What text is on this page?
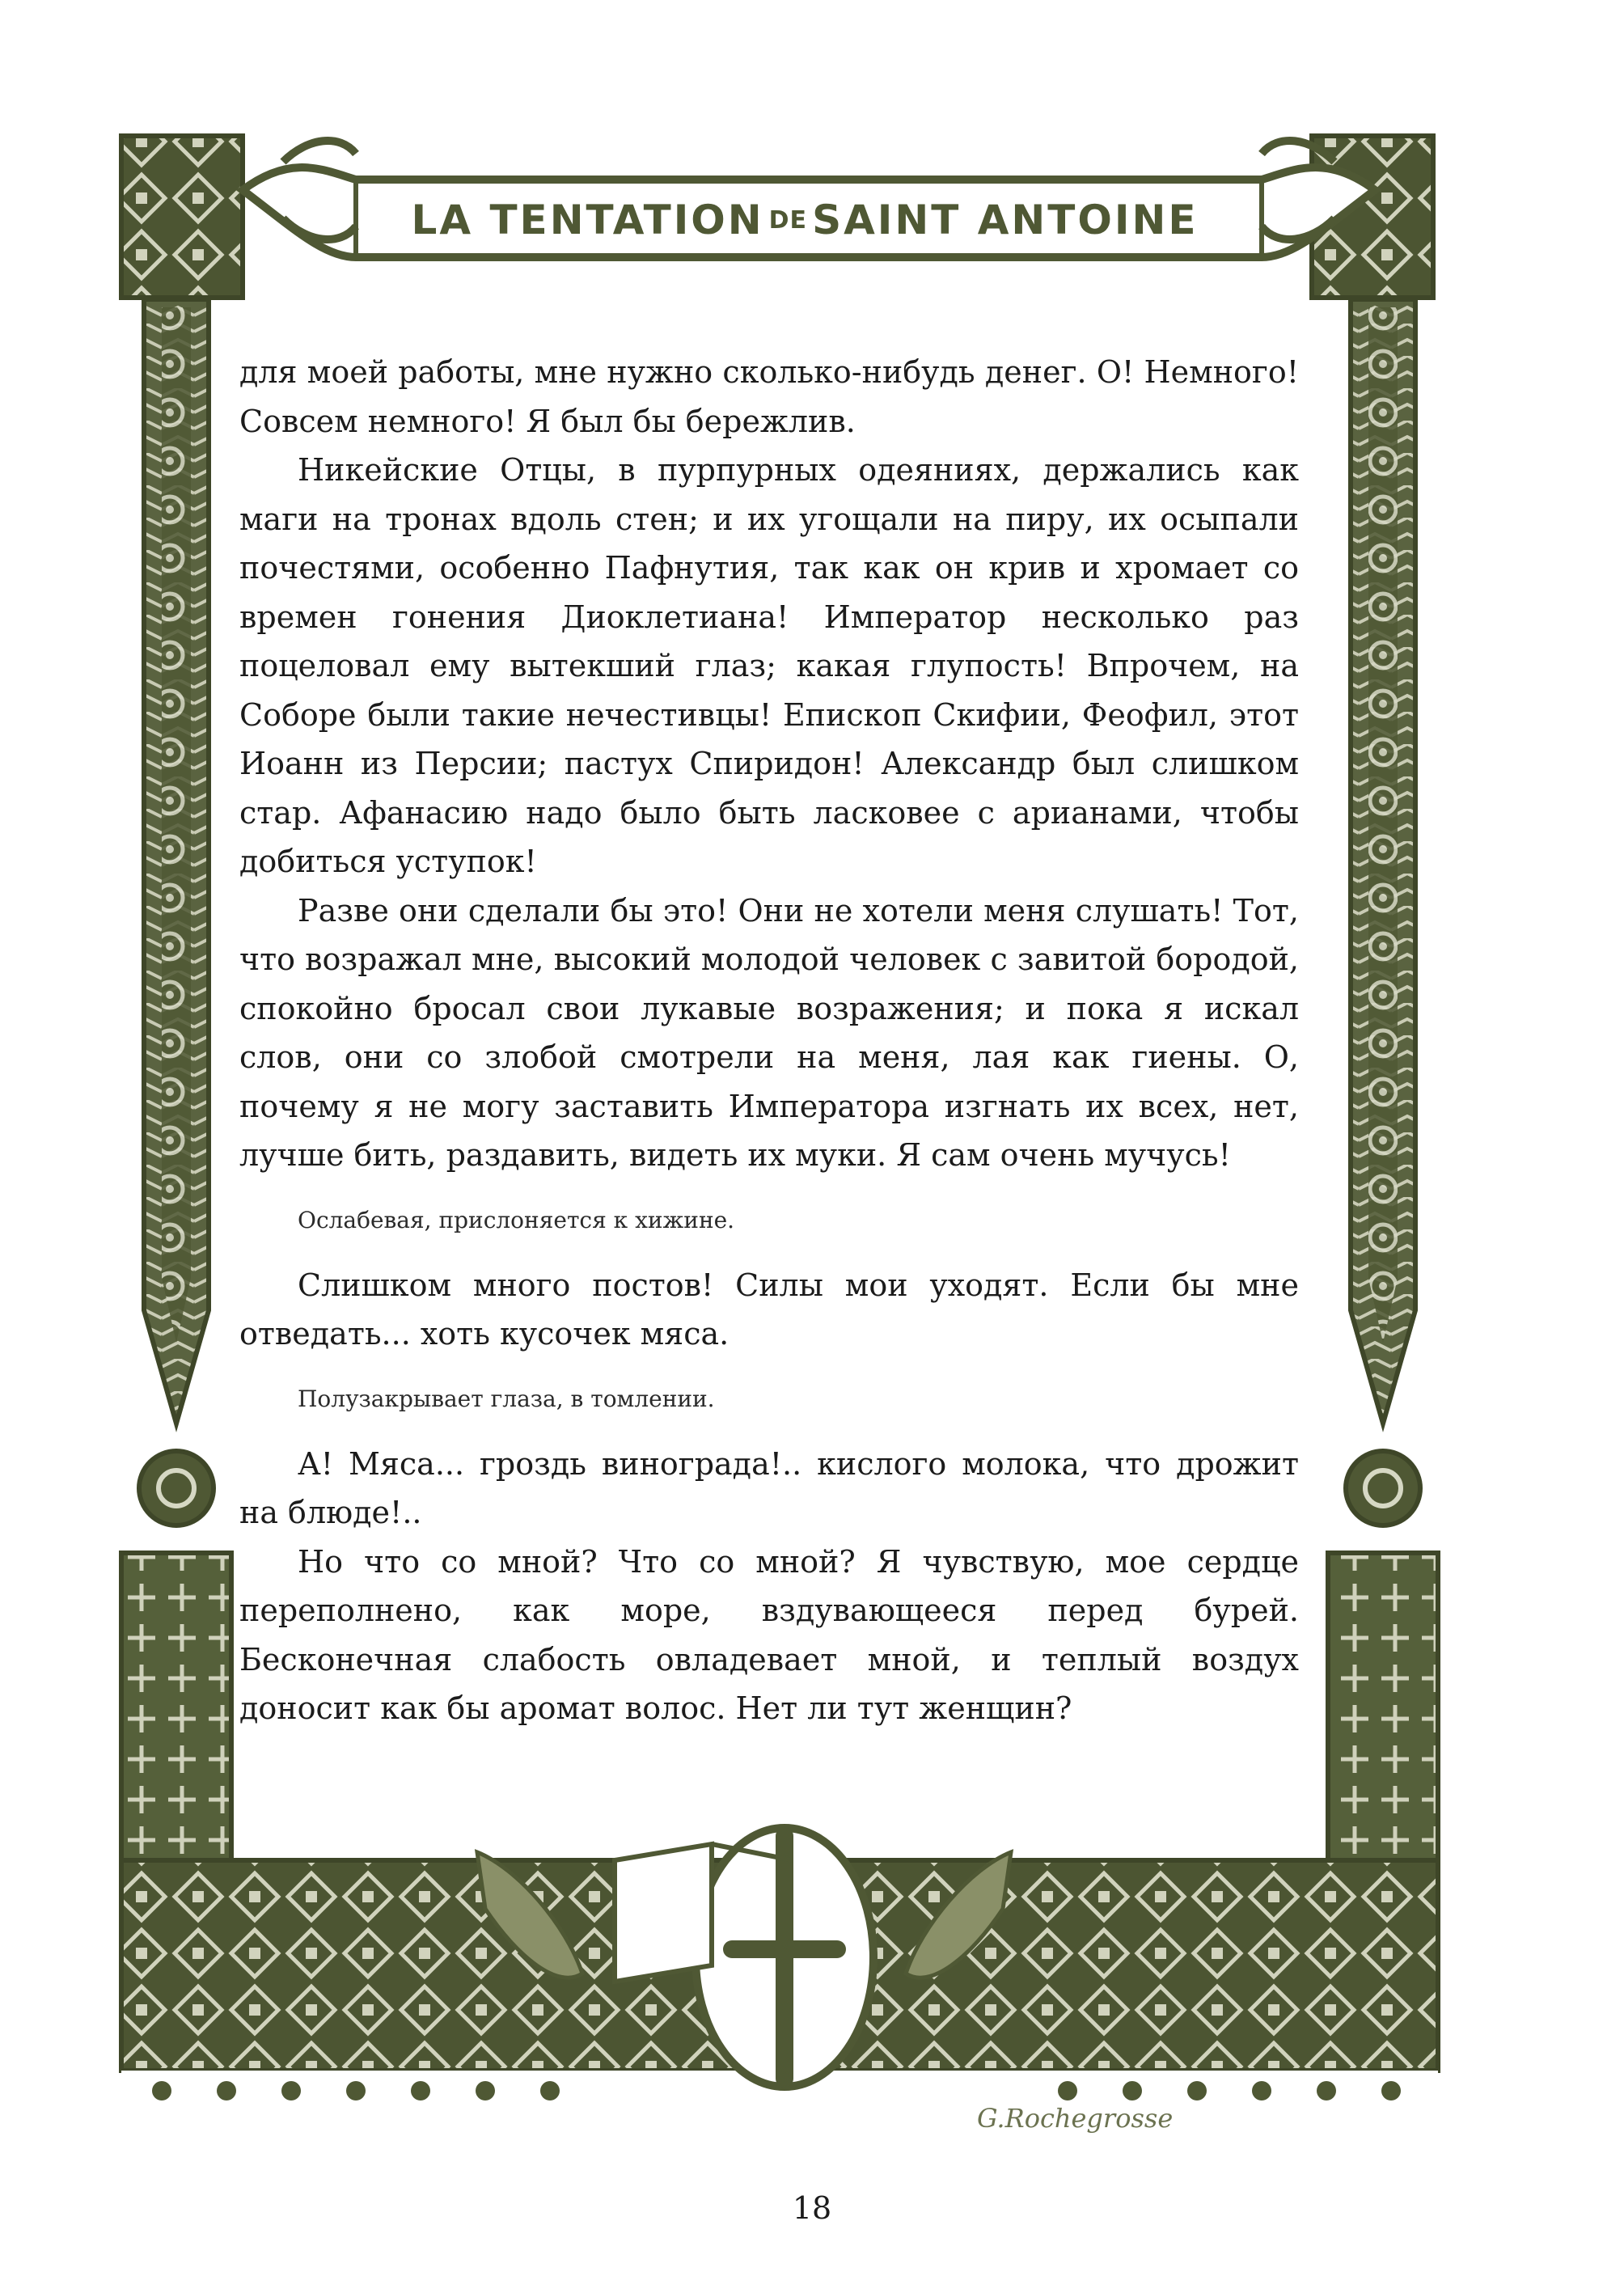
LA TENTATION DE SAINT ANTOINE

для моей работы, мне нужно сколько-нибудь денег. О! Немного! Совсем немного! Я был бы бережлив.

Никейские Отцы, в пурпурных одеяниях, держались как маги на тронах вдоль стен; и их угощали на пиру, их осыпали почестями, особенно Пафнутия, так как он крив и хромает со времен гонения Диоклетиана! Император несколько раз поцеловал ему вытекший глаз; какая глупость! Впрочем, на Соборе были такие нечестивцы! Епископ Скифии, Феофил, этот Иоанн из Персии; пастух Спиридон! Александр был слишком стар. Афанасию надо было быть ласковее с арианами, чтобы добиться уступок!

Разве они сделали бы это! Они не хотели меня слушать! Тот, что возражал мне, высокий молодой человек с завитой бородой, спокойно бросал свои лукавые возражения; и пока я искал слов, они со злобой смотрели на меня, лая как гиены. О, почему я не могу заставить Императора изгнать их всех, нет, лучше бить, раздавить, видеть их муки. Я сам очень мучусь!

Ослабевая, прислоняется к хижине.

Слишком много постов! Силы мои уходят. Если бы мне отведать... хоть кусочек мяса.

Полузакрывает глаза, в томлении.

А! Мяса... гроздь винограда!.. кислого молока, что дрожит на блюде!..

Но что со мной? Что со мной? Я чувствую, мое сердце переполнено, как море, вздувающееся перед бурей. Бесконечная слабость овладевает мной, и теплый воздух доносит как бы аромат волос. Нет ли тут женщин?

G.Rochegrosse
18
